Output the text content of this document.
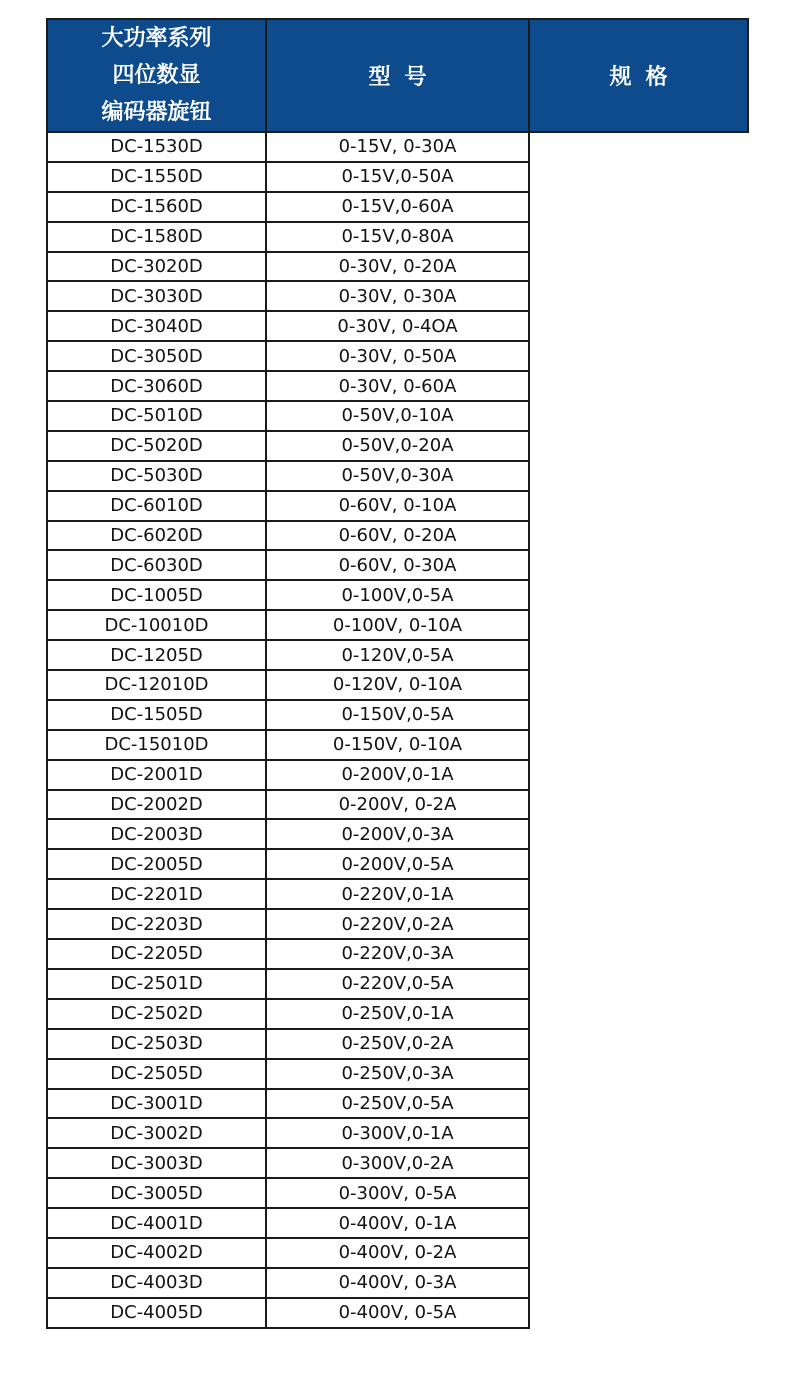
大功率系列
四位数显
编码器旋钮	型号	规格
DC-1530D	0-15V, 0-30A	
DC-1550D	0-15V,0-50A	
DC-1560D	0-15V,0-60A	
DC-1580D	0-15V,0-80A	
DC-3020D	0-30V, 0-20A	
DC-3030D	0-30V, 0-30A	
DC-3040D	0-30V, 0-4OA	
DC-3050D	0-30V, 0-50A	
DC-3060D	0-30V, 0-60A	
DC-5010D	0-50V,0-10A	
DC-5020D	0-50V,0-20A	
DC-5030D	0-50V,0-30A	
DC-6010D	0-60V, 0-10A	
DC-6020D	0-60V, 0-20A	
DC-6030D	0-60V, 0-30A	
DC-1005D	0-100V,0-5A	
DC-10010D	0-100V, 0-10A	
DC-1205D	0-120V,0-5A	
DC-12010D	0-120V, 0-10A	
DC-1505D	0-150V,0-5A	
DC-15010D	0-150V, 0-10A	
DC-2001D	0-200V,0-1A	
DC-2002D	0-200V, 0-2A	
DC-2003D	0-200V,0-3A	
DC-2005D	0-200V,0-5A	
DC-2201D	0-220V,0-1A	
DC-2203D	0-220V,0-2A	
DC-2205D	0-220V,0-3A	
DC-2501D	0-220V,0-5A	
DC-2502D	0-250V,0-1A	
DC-2503D	0-250V,0-2A	
DC-2505D	0-250V,0-3A	
DC-3001D	0-250V,0-5A	
DC-3002D	0-300V,0-1A	
DC-3003D	0-300V,0-2A	
DC-3005D	0-300V, 0-5A	
DC-4001D	0-400V, 0-1A	
DC-4002D	0-400V, 0-2A	
DC-4003D	0-400V, 0-3A	
DC-4005D	0-400V, 0-5A	
